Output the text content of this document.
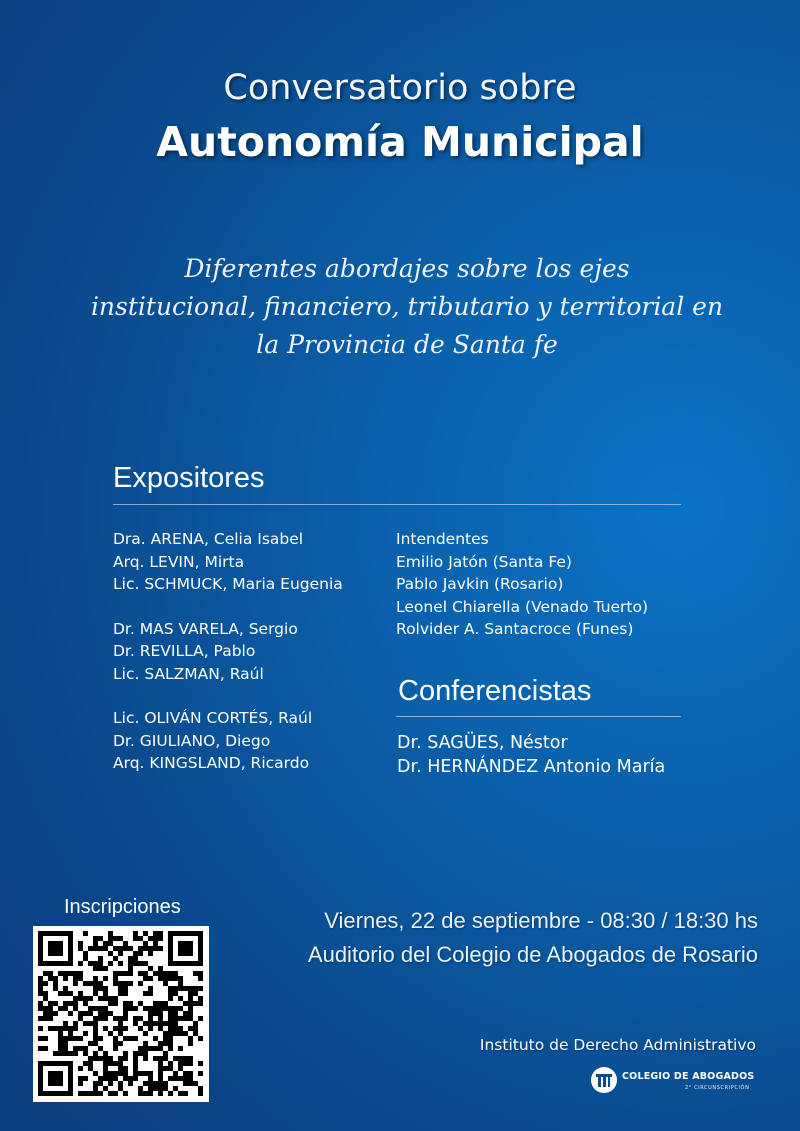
Conversatorio sobre
Autonomía Municipal
Diferentes abordajes sobre los ejes
institucional, financiero, tributario y territorial en
la Provincia de Santa fe
Expositores
Dra. ARENA, Celia Isabel
Arq. LEVIN, Mirta
Lic. SCHMUCK, Maria Eugenia
Dr. MAS VARELA, Sergio
Dr. REVILLA, Pablo
Lic. SALZMAN, Raúl
Lic. OLIVÁN CORTÉS, Raúl
Dr. GIULIANO, Diego
Arq. KINGSLAND, Ricardo
Intendentes
Emilio Jatón (Santa Fe)
Pablo Javkin (Rosario)
Leonel Chiarella (Venado Tuerto)
Rolvider A. Santacroce (Funes)
Conferencistas
Dr. SAGÜES, Néstor
Dr. HERNÁNDEZ Antonio María
Inscripciones
Viernes, 22 de septiembre - 08:30 / 18:30 hs
Auditorio del Colegio de Abogados de Rosario
Instituto de Derecho Administrativo
COLEGIO DE ABOGADOS
2° CIRCUNSCRIPCIÓN
